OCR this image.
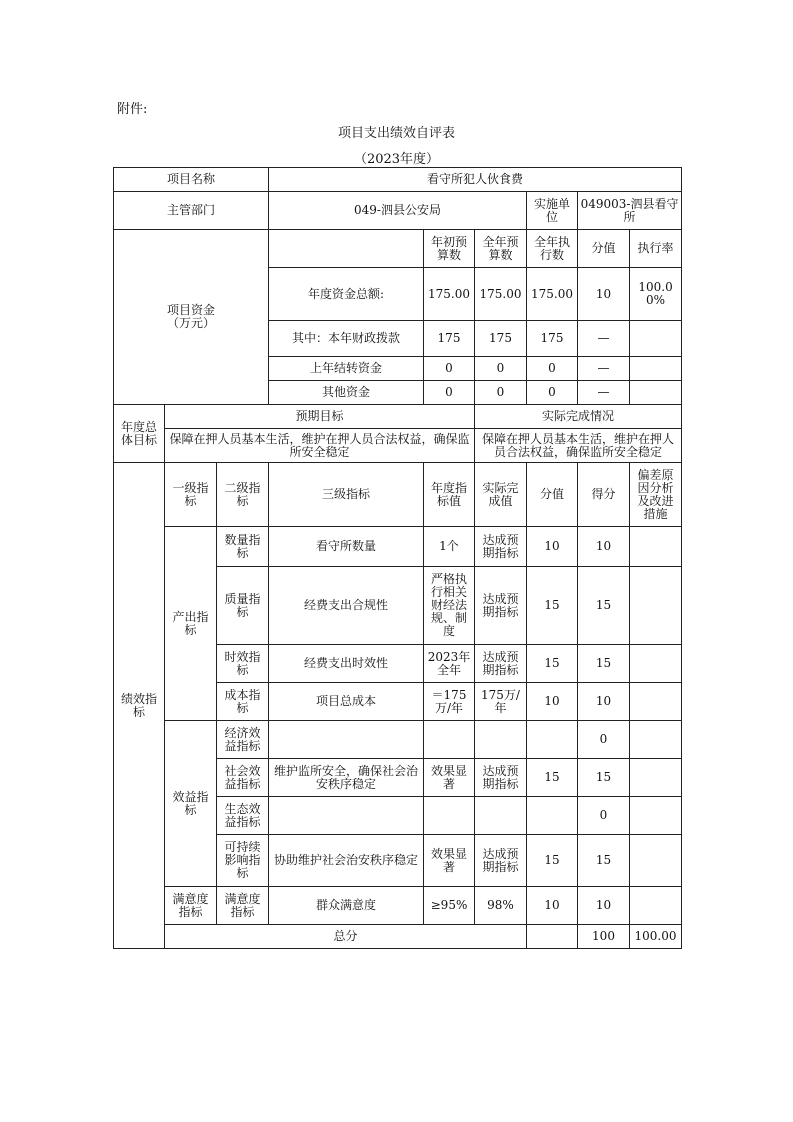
附件:
项目支出绩效自评表
（2023年度）
项目名称			看守所犯人伙食费						
主管部门			049-泗县公安局			实施单位	049003-泗县看守所		
项目资金
（万元）				年初预算数	全年预算数	全年执行数	分值	执行率	
			年度资金总额:	175.00	175.00	175.00	10	100.00%	
			其中：本年财政拨款	175	175	175	—		
			上年结转资金	0	0	0	—		
			其他资金	0	0	0	—		
年度总体目标	预期目标				实际完成情况				
	保障在押人员基本生活，维护在押人员合法权益，确保监所安全稳定				保障在押人员基本生活，维护在押人员合法权益，确保监所安全稳定				
绩效指标	一级指标	二级指标	三级指标	年度指标值	实际完成值	分值	得分	偏差原因分析及改进措施	
	产出指标	数量指标	看守所数量	1个	达成预期指标	10	10		
		质量指标	经费支出合规性	严格执行相关财经法规、制度	达成预期指标	15	15		
		时效指标	经费支出时效性	2023年全年	达成预期指标	15	15		
		成本指标	项目总成本	＝175万/年	175万/年	10	10		
	效益指标	经济效益指标					0		
		社会效益指标	维护监所安全，确保社会治安秩序稳定	效果显著	达成预期指标	15	15		
		生态效益指标					0		
		可持续影响指标	协助维护社会治安秩序稳定	效果显著	达成预期指标	15	15		
	满意度指标	满意度指标	群众满意度	≥95%	98%	10	10		
	总分						100	100.00	
